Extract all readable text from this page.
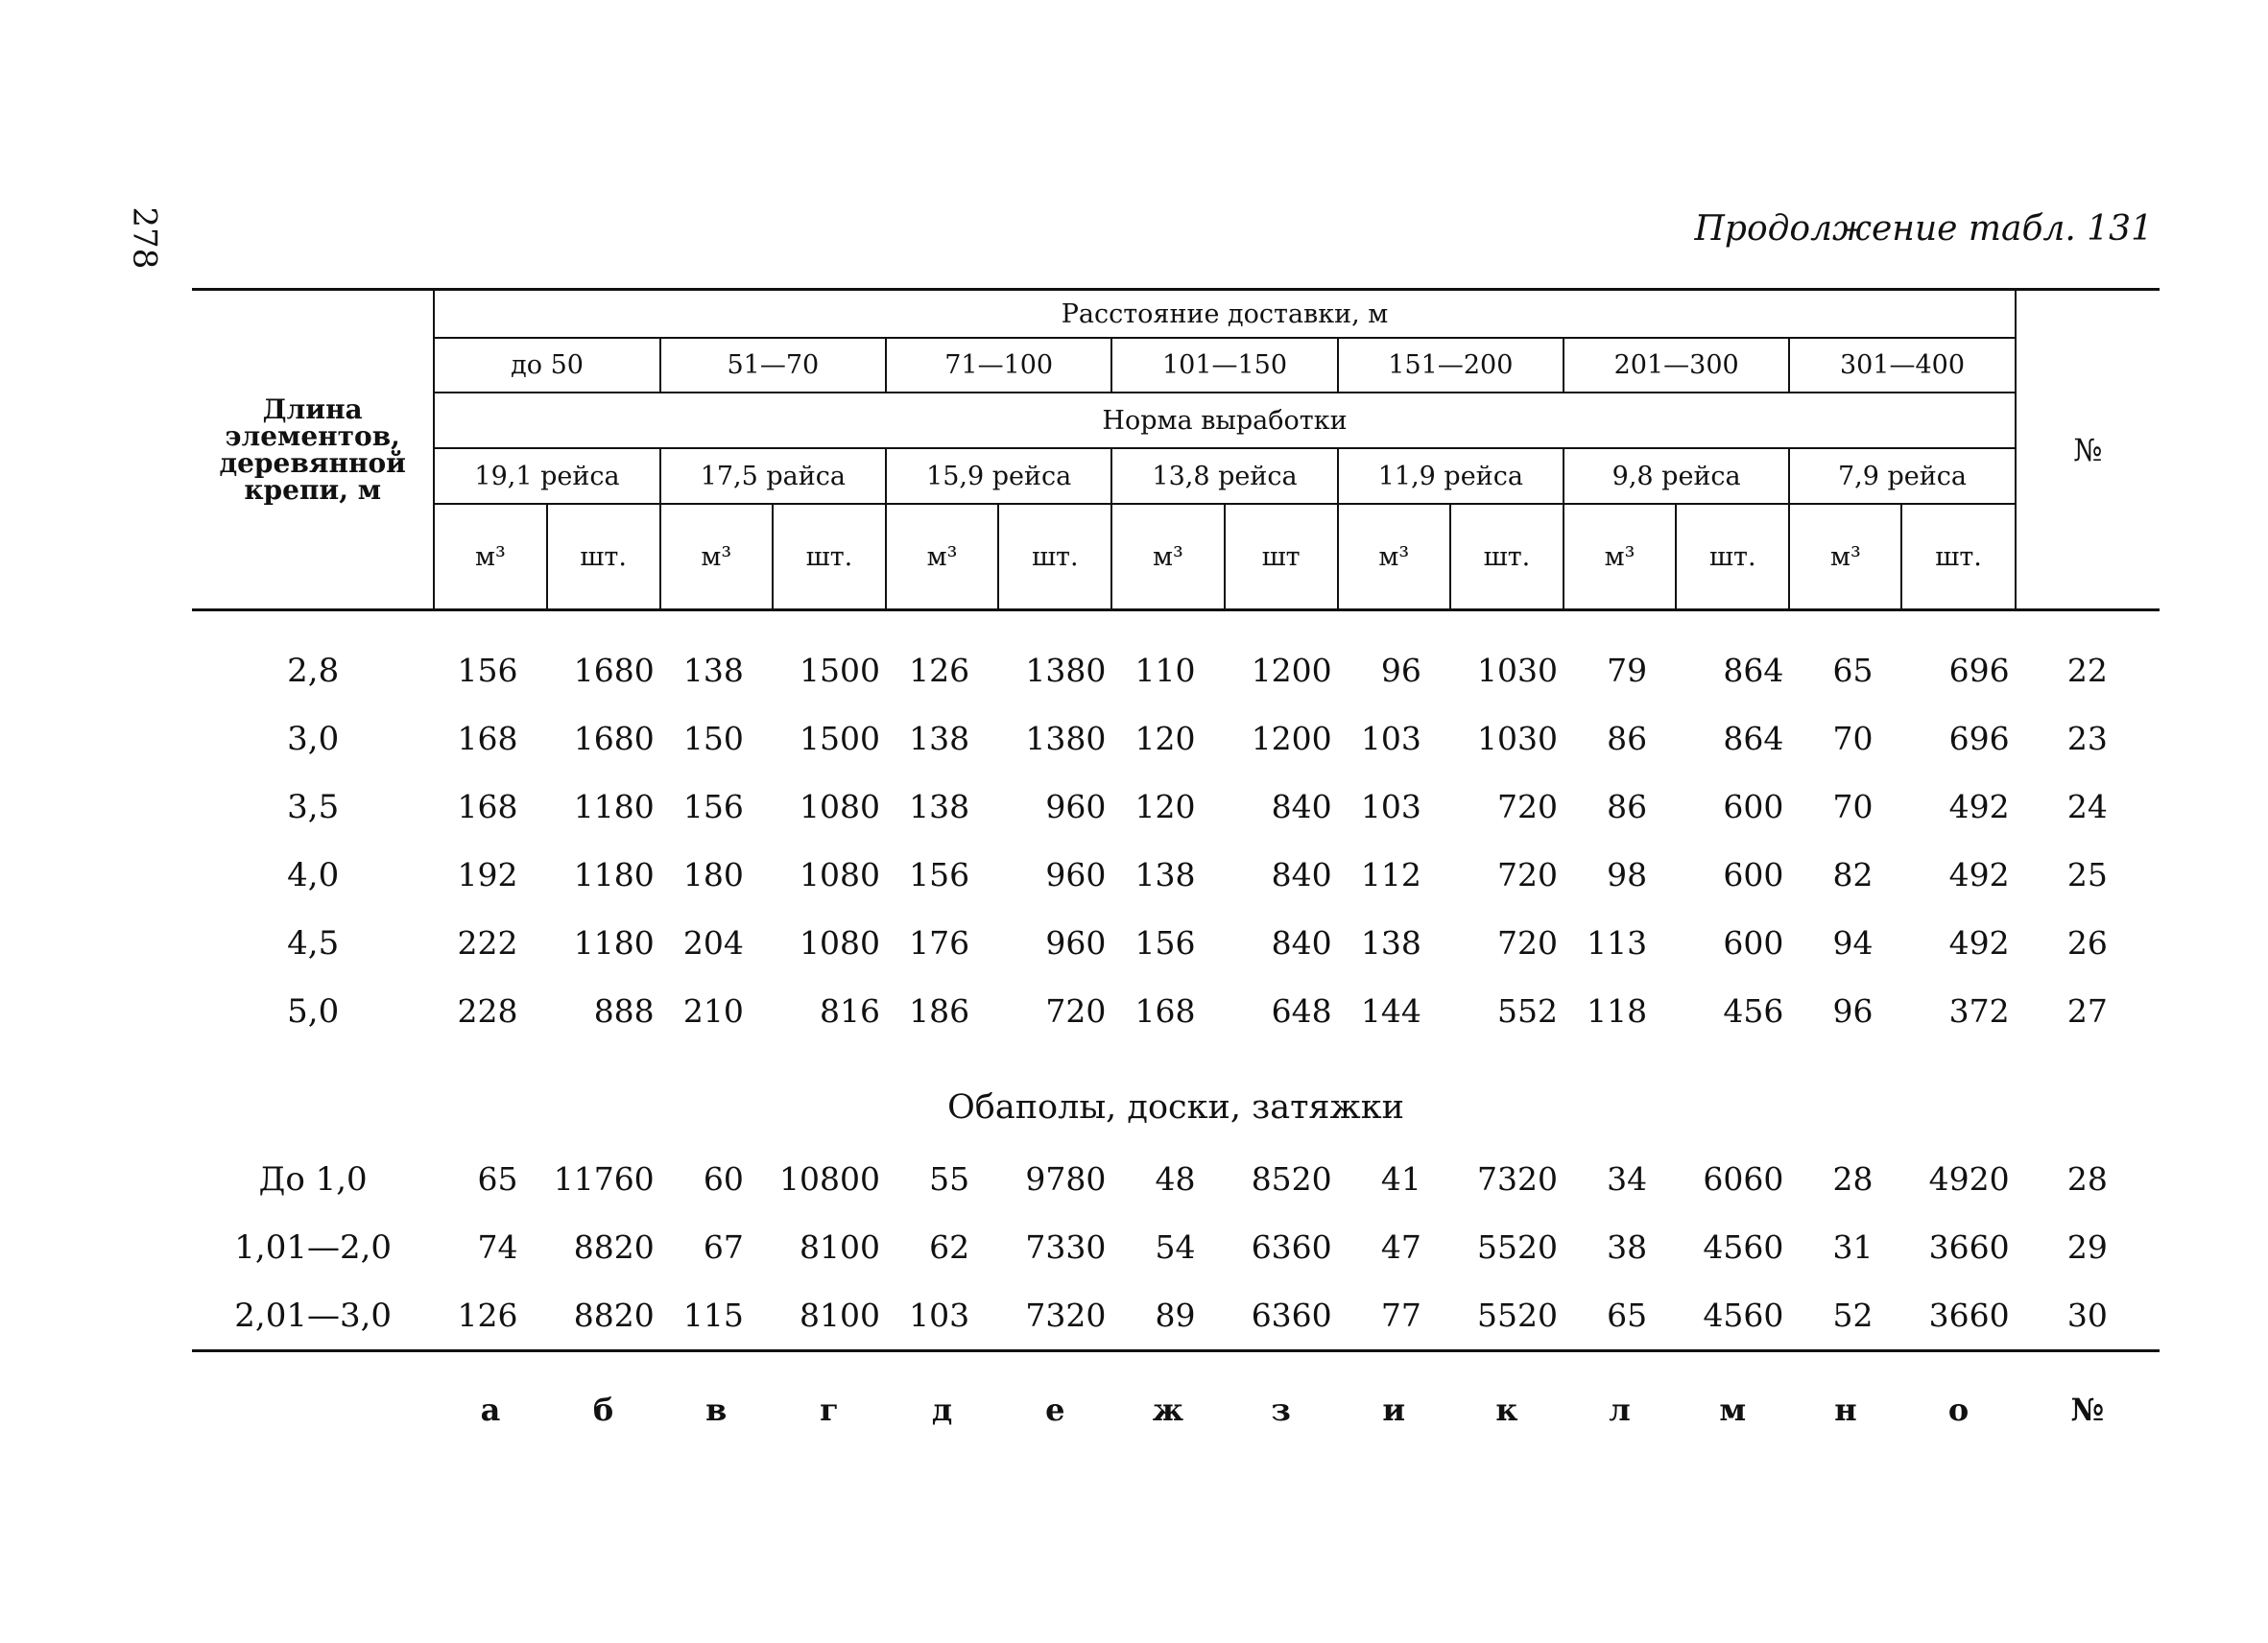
278	Продолжение табл. 131
Длина элементов, деревянной крепи, м	Расстояние доставки, м														№
	до 50		51—70		71—100		101—150		151—200		201—300		301—400		
	Норма выработки														
	19,1 рейса		17,5 райса		15,9 рейса		13,8 рейса		11,9 рейса		9,8 рейса		7,9 рейса		
	м³	шт.	м³	шт.	м³	шт.	м³	шт	м³	шт.	м³	шт.	м³	шт.	

2,8	156	1680	138	1500	126	1380	110	1200	96	1030	79	864	65	696	22
3,0	168	1680	150	1500	138	1380	120	1200	103	1030	86	864	70	696	23
3,5	168	1180	156	1080	138	960	120	840	103	720	86	600	70	492	24
4,0	192	1180	180	1080	156	960	138	840	112	720	98	600	82	492	25
4,5	222	1180	204	1080	176	960	156	840	138	720	113	600	94	492	26
5,0	228	888	210	816	186	720	168	648	144	552	118	456	96	372	27

Обаполы, доски, затяжки															
До 1,0	65	11760	60	10800	55	9780	48	8520	41	7320	34	6060	28	4920	28
1,01—2,0	74	8820	67	8100	62	7330	54	6360	47	5520	38	4560	31	3660	29
2,01—3,0	126	8820	115	8100	103	7320	89	6360	77	5520	65	4560	52	3660	30
	а	б	в	г	д	е	ж	з	и	к	л	м	н	о	№
